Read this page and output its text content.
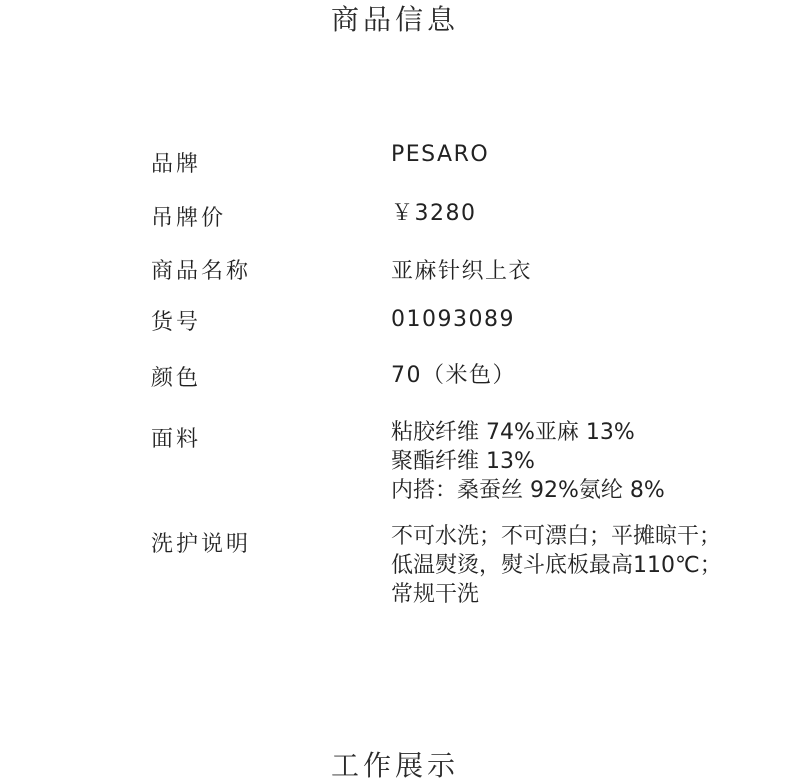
商品信息
品牌	PESARO
吊牌价	￥3280
商品名称	亚麻针织上衣
货号	01093089
颜色	70（米色）
面料	粘胶纤维 74%亚麻 13%
聚酯纤维 13%
内搭：桑蚕丝 92%氨纶 8%
洗护说明	不可水洗；不可漂白；平摊晾干；
低温熨烫，熨斗底板最高110℃；
常规干洗
工作展示
